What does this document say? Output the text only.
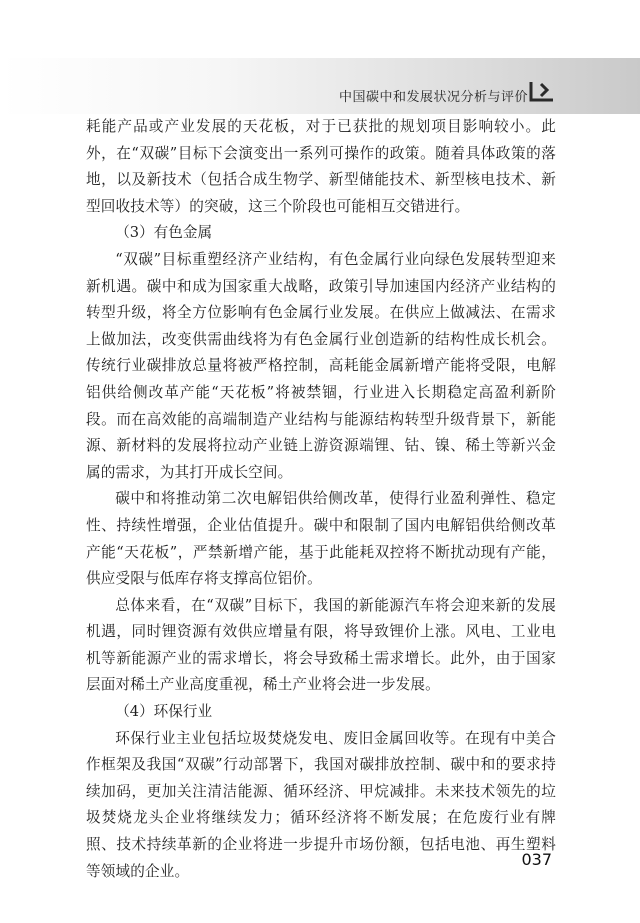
中国碳中和发展状况分析与评价

耗能产品或产业发展的天花板，对于已获批的规划项目影响较小。此外，在“双碳”目标下会演变出一系列可操作的政策。随着具体政策的落地，以及新技术（包括合成生物学、新型储能技术、新型核电技术、新型回收技术等）的突破，这三个阶段也可能相互交错进行。

（3）有色金属

“双碳”目标重塑经济产业结构，有色金属行业向绿色发展转型迎来新机遇。碳中和成为国家重大战略，政策引导加速国内经济产业结构的转型升级，将全方位影响有色金属行业发展。在供应上做减法、在需求上做加法，改变供需曲线将为有色金属行业创造新的结构性成长机会。传统行业碳排放总量将被严格控制，高耗能金属新增产能将受限，电解铝供给侧改革产能“天花板”将被禁锢，行业进入长期稳定高盈利新阶段。而在高效能的高端制造产业结构与能源结构转型升级背景下，新能源、新材料的发展将拉动产业链上游资源端锂、钴、镍、稀土等新兴金属的需求，为其打开成长空间。

碳中和将推动第二次电解铝供给侧改革，使得行业盈利弹性、稳定性、持续性增强，企业估值提升。碳中和限制了国内电解铝供给侧改革产能“天花板”，严禁新增产能，基于此能耗双控将不断扰动现有产能，供应受限与低库存将支撑高位铝价。

总体来看，在“双碳”目标下，我国的新能源汽车将会迎来新的发展机遇，同时锂资源有效供应增量有限，将导致锂价上涨。风电、工业电机等新能源产业的需求增长，将会导致稀土需求增长。此外，由于国家层面对稀土产业高度重视，稀土产业将会进一步发展。

（4）环保行业

环保行业主业包括垃圾焚烧发电、废旧金属回收等。在现有中美合作框架及我国“双碳”行动部署下，我国对碳排放控制、碳中和的要求持续加码，更加关注清洁能源、循环经济、甲烷减排。未来技术领先的垃圾焚烧龙头企业将继续发力；循环经济将不断发展；在危废行业有牌照、技术持续革新的企业将进一步提升市场份额，包括电池、再生塑料等领域的企业。

037
